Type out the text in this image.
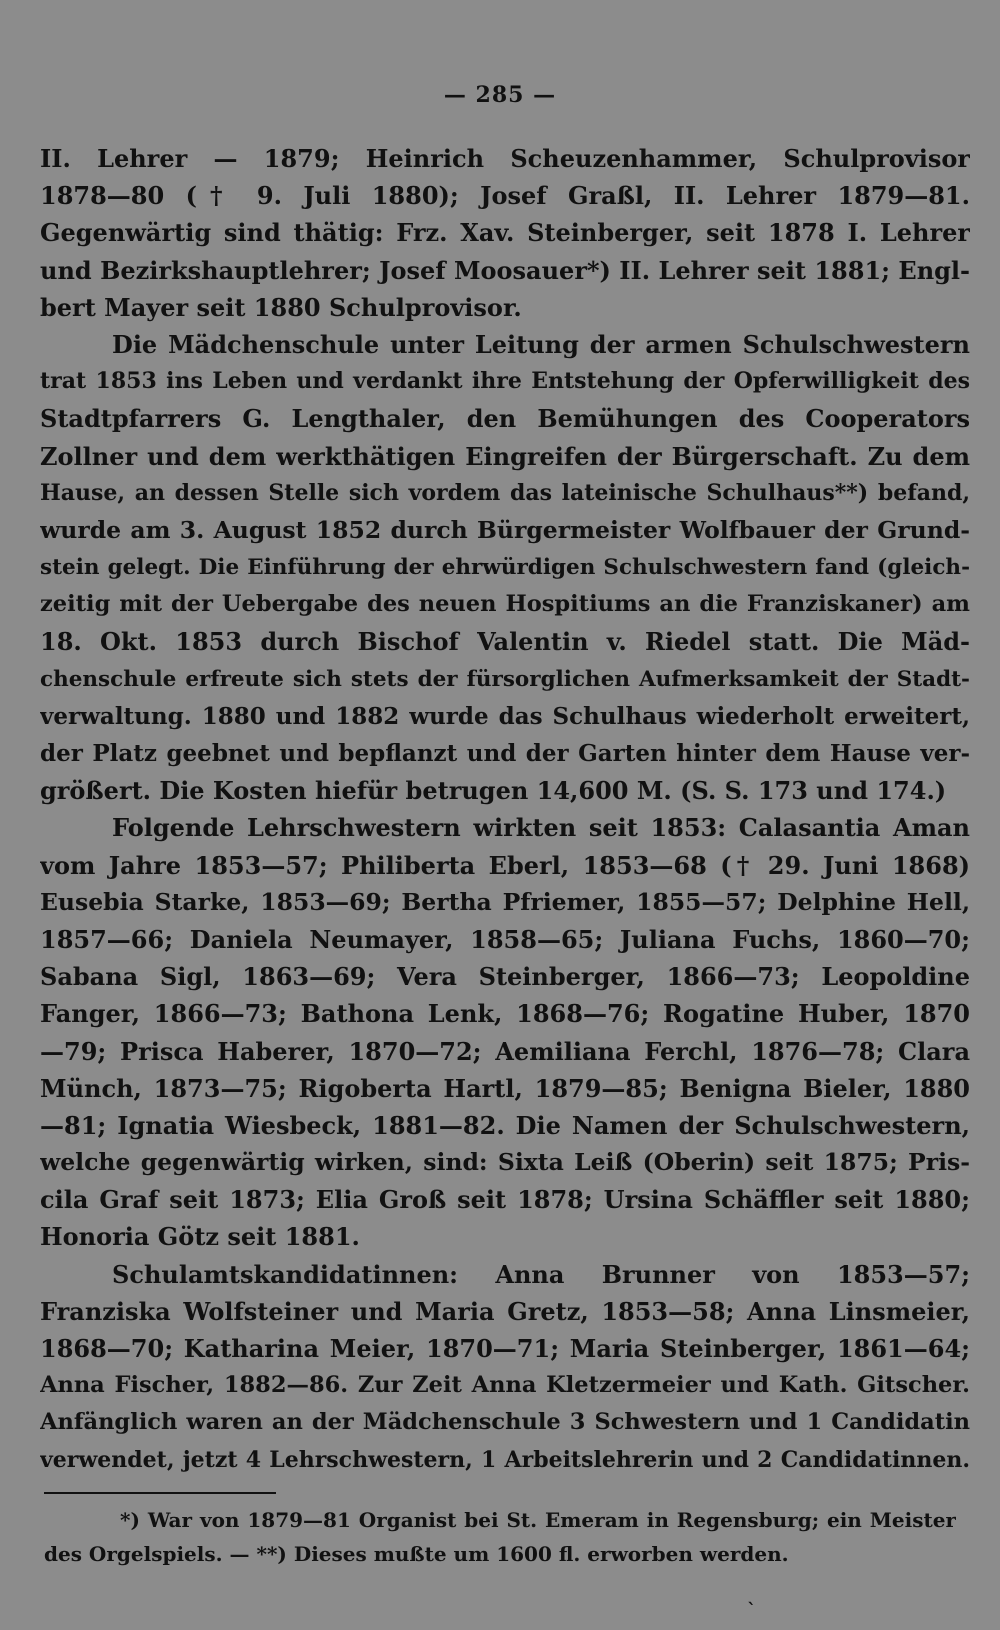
— 285 —
II. Lehrer — 1879; Heinrich Scheuzenhammer, Schulprovisor
1878—80 († 9. Juli 1880); Josef Graßl, II. Lehrer 1879—81.
Gegenwärtig sind thätig: Frz. Xav. Steinberger, seit 1878 I. Lehrer
und Bezirkshauptlehrer; Josef Moosauer*) II. Lehrer seit 1881; Engl-
bert Mayer seit 1880 Schulprovisor.
Die Mädchenschule unter Leitung der armen Schulschwestern
trat 1853 ins Leben und verdankt ihre Entstehung der Opferwilligkeit des
Stadtpfarrers G. Lengthaler, den Bemühungen des Cooperators
Zollner und dem werkthätigen Eingreifen der Bürgerschaft. Zu dem
Hause, an dessen Stelle sich vordem das lateinische Schulhaus**) befand,
wurde am 3. August 1852 durch Bürgermeister Wolfbauer der Grund-
stein gelegt. Die Einführung der ehrwürdigen Schulschwestern fand (gleich-
zeitig mit der Uebergabe des neuen Hospitiums an die Franziskaner) am
18. Okt. 1853 durch Bischof Valentin v. Riedel statt. Die Mäd-
chenschule erfreute sich stets der fürsorglichen Aufmerksamkeit der Stadt-
verwaltung. 1880 und 1882 wurde das Schulhaus wiederholt erweitert,
der Platz geebnet und bepflanzt und der Garten hinter dem Hause ver-
größert. Die Kosten hiefür betrugen 14,600 M. (S. S. 173 und 174.)
Folgende Lehrschwestern wirkten seit 1853: Calasantia Aman
vom Jahre 1853—57; Philiberta Eberl, 1853—68 († 29. Juni 1868)
Eusebia Starke, 1853—69; Bertha Pfriemer, 1855—57; Delphine Hell,
1857—66; Daniela Neumayer, 1858—65; Juliana Fuchs, 1860—70;
Sabana Sigl, 1863—69; Vera Steinberger, 1866—73; Leopoldine
Fanger, 1866—73; Bathona Lenk, 1868—76; Rogatine Huber, 1870
—79; Prisca Haberer, 1870—72; Aemiliana Ferchl, 1876—78; Clara
Münch, 1873—75; Rigoberta Hartl, 1879—85; Benigna Bieler, 1880
—81; Ignatia Wiesbeck, 1881—82. Die Namen der Schulschwestern,
welche gegenwärtig wirken, sind: Sixta Leiß (Oberin) seit 1875; Pris-
cila Graf seit 1873; Elia Groß seit 1878; Ursina Schäffler seit 1880;
Honoria Götz seit 1881.
Schulamtskandidatinnen: Anna Brunner von 1853—57;
Franziska Wolfsteiner und Maria Gretz, 1853—58; Anna Linsmeier,
1868—70; Katharina Meier, 1870—71; Maria Steinberger, 1861—64;
Anna Fischer, 1882—86. Zur Zeit Anna Kletzermeier und Kath. Gitscher.
Anfänglich waren an der Mädchenschule 3 Schwestern und 1 Candidatin
verwendet, jetzt 4 Lehrschwestern, 1 Arbeitslehrerin und 2 Candidatinnen.
*) War von 1879—81 Organist bei St. Emeram in Regensburg; ein Meister
des Orgelspiels. — **) Dieses mußte um 1600 fl. erworben werden.
`
